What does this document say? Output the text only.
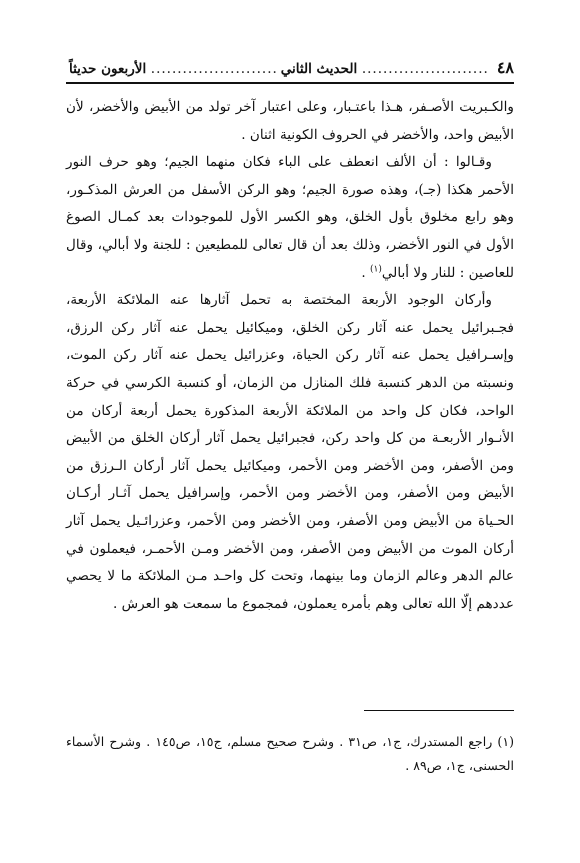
٤٨
.....
الحديث الثاني
.....
الأربعون حديثاً

والكـبريت الأصـفر، هـذا باعتـبار، وعلى اعتبار آخر تولد من الأبيض والأخضر، لأن الأبيض واحد، والأخضر في الحروف الكونية اثنان .

وقـالوا : أن الألف انعطف على الباء فكان منهما الجيم؛ وهو حرف النور الأحمر هكذا (جـ)، وهذه صورة الجيم؛ وهو الركن الأسفل من العرش المذكـور، وهو رابع مخلوق بأول الخلق، وهو الكسر الأول للموجودات بعد كمـال الصوغ الأول في النور الأخضر، وذلك بعد أن قال تعالى للمطيعين : للجنة ولا أبالي، وقال للعاصين : للنار ولا أبالي$^{(١)}$ .

وأركان الوجود الأربعة المختصة به تحمل آثارها عنه الملائكة الأربعة، فجـبرائيل يحمل عنه آثار ركن الخلق، وميكائيل يحمل عنه آثار ركن الرزق، وإسـرافيل يحمل عنه آثار ركن الحياة، وعزرائيل يحمل عنه آثار ركن الموت، ونسبته من الدهر كنسبة فلك المنازل من الزمان، أو كنسبة الكرسي في حركة الواحد، فكان كل واحد من الملائكة الأربعة المذكورة يحمل أربعة أركان من الأنـوار الأربعـة من كل واحد ركن، فجبرائيل يحمل آثار أركان الخلق من الأبيض ومن الأصفر، ومن الأخضر ومن الأحمر، وميكائيل يحمل آثار أركان الـرزق من الأبيض ومن الأصفر، ومن الأخضر ومن الأحمر، وإسرافيل يحمل آثـار أركـان الحـياة من الأبيض ومن الأصفر، ومن الأخضر ومن الأحمر، وعزرائـيل يحمل آثار أركان الموت من الأبيض ومن الأصفر، ومن الأخضر ومـن الأحمـر، فيعملون في عالم الدهر وعالم الزمان وما بينهما، وتحت كل واحـد مـن الملائكة ما لا يحصي عددهم إلّا الله تعالى وهم بأمره يعملون، فمجموع ما سمعت هو العرش .

(١) راجع المستدرك، ج١، ص٣١ . وشرح صحيح مسلم، ج١٥، ص١٤٥ . وشرح الأسماء الحسنى، ج١، ص٨٩ .
